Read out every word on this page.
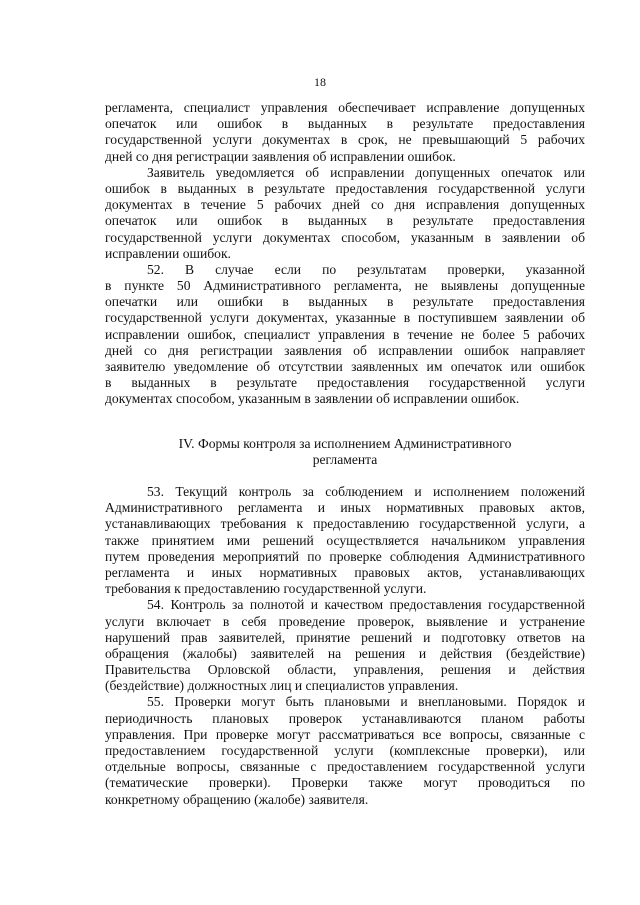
18
регламента, специалист управления обеспечивает исправление допущенных
опечаток или ошибок в выданных в результате предоставления
государственной услуги документах в срок, не превышающий 5 рабочих
дней со дня регистрации заявления об исправлении ошибок.
Заявитель уведомляется об исправлении допущенных опечаток или
ошибок в выданных в результате предоставления государственной услуги
документах в течение 5 рабочих дней со дня исправления допущенных
опечаток или ошибок в выданных в результате предоставления
государственной услуги документах способом, указанным в заявлении об
исправлении ошибок.
52. В случае если по результатам проверки, указанной
в пункте 50 Административного регламента, не выявлены допущенные
опечатки или ошибки в выданных в результате предоставления
государственной услуги документах, указанные в поступившем заявлении об
исправлении ошибок, специалист управления в течение не более 5 рабочих
дней со дня регистрации заявления об исправлении ошибок направляет
заявителю уведомление об отсутствии заявленных им опечаток или ошибок
в выданных в результате предоставления государственной услуги
документах способом, указанным в заявлении об исправлении ошибок.
IV. Формы контроля за исполнением Административного
регламента
53. Текущий контроль за соблюдением и исполнением положений
Административного регламента и иных нормативных правовых актов,
устанавливающих требования к предоставлению государственной услуги, а
также принятием ими решений осуществляется начальником управления
путем проведения мероприятий по проверке соблюдения Административного
регламента и иных нормативных правовых актов, устанавливающих
требования к предоставлению государственной услуги.
54. Контроль за полнотой и качеством предоставления государственной
услуги включает в себя проведение проверок, выявление и устранение
нарушений прав заявителей, принятие решений и подготовку ответов на
обращения (жалобы) заявителей на решения и действия (бездействие)
Правительства Орловской области, управления, решения и действия
(бездействие) должностных лиц и специалистов управления.
55. Проверки могут быть плановыми и внеплановыми. Порядок и
периодичность плановых проверок устанавливаются планом работы
управления. При проверке могут рассматриваться все вопросы, связанные с
предоставлением государственной услуги (комплексные проверки), или
отдельные вопросы, связанные с предоставлением государственной услуги
(тематические проверки). Проверки также могут проводиться по
конкретному обращению (жалобе) заявителя.
